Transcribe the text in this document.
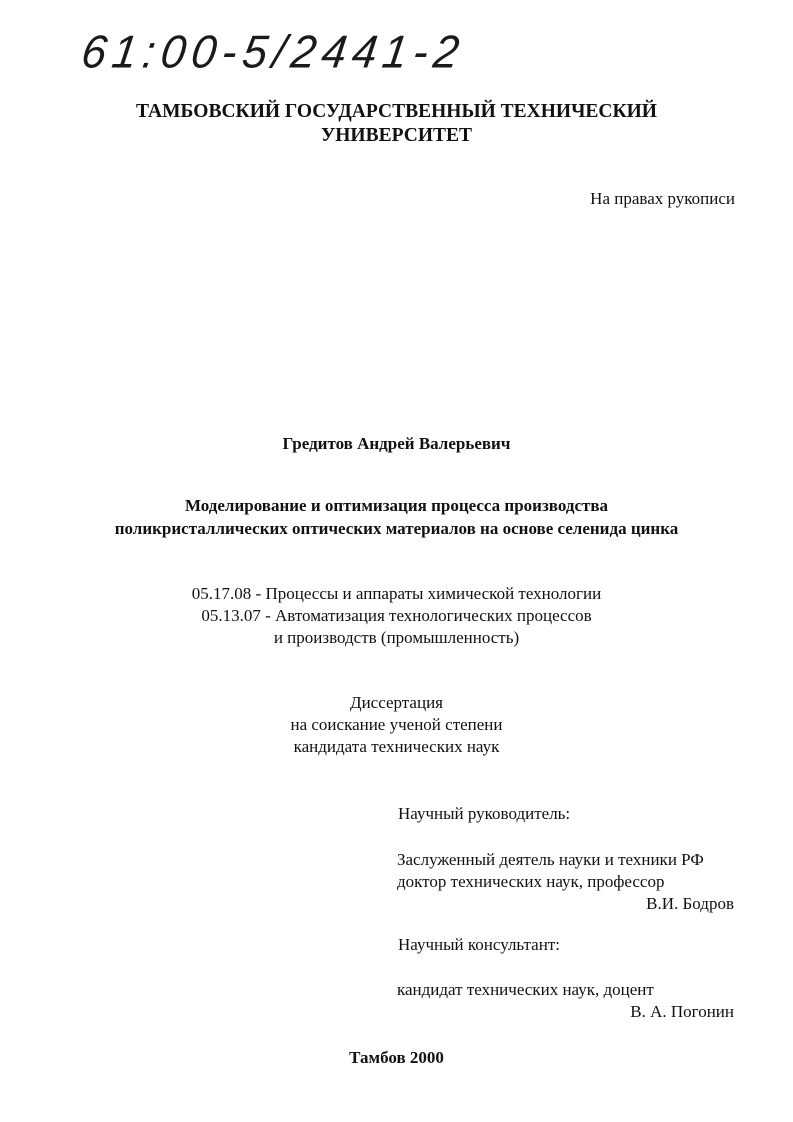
61:00-5/2441-2
ТАМБОВСКИЙ ГОСУДАРСТВЕННЫЙ ТЕХНИЧЕСКИЙ
УНИВЕРСИТЕТ
На правах рукописи
Гредитов Андрей Валерьевич
Моделирование и оптимизация процесса производства
поликристаллических оптических материалов на основе селенида цинка
05.17.08 - Процессы и аппараты химической технологии
05.13.07 - Автоматизация технологических процессов
и производств (промышленность)
Диссертация
на соискание ученой степени
кандидата технических наук
Научный руководитель:
Заслуженный деятель науки и техники РФ
доктор технических наук, профессор
В.И. Бодров
Научный консультант:
кандидат технических наук, доцент
В. А. Погонин
Тамбов 2000
